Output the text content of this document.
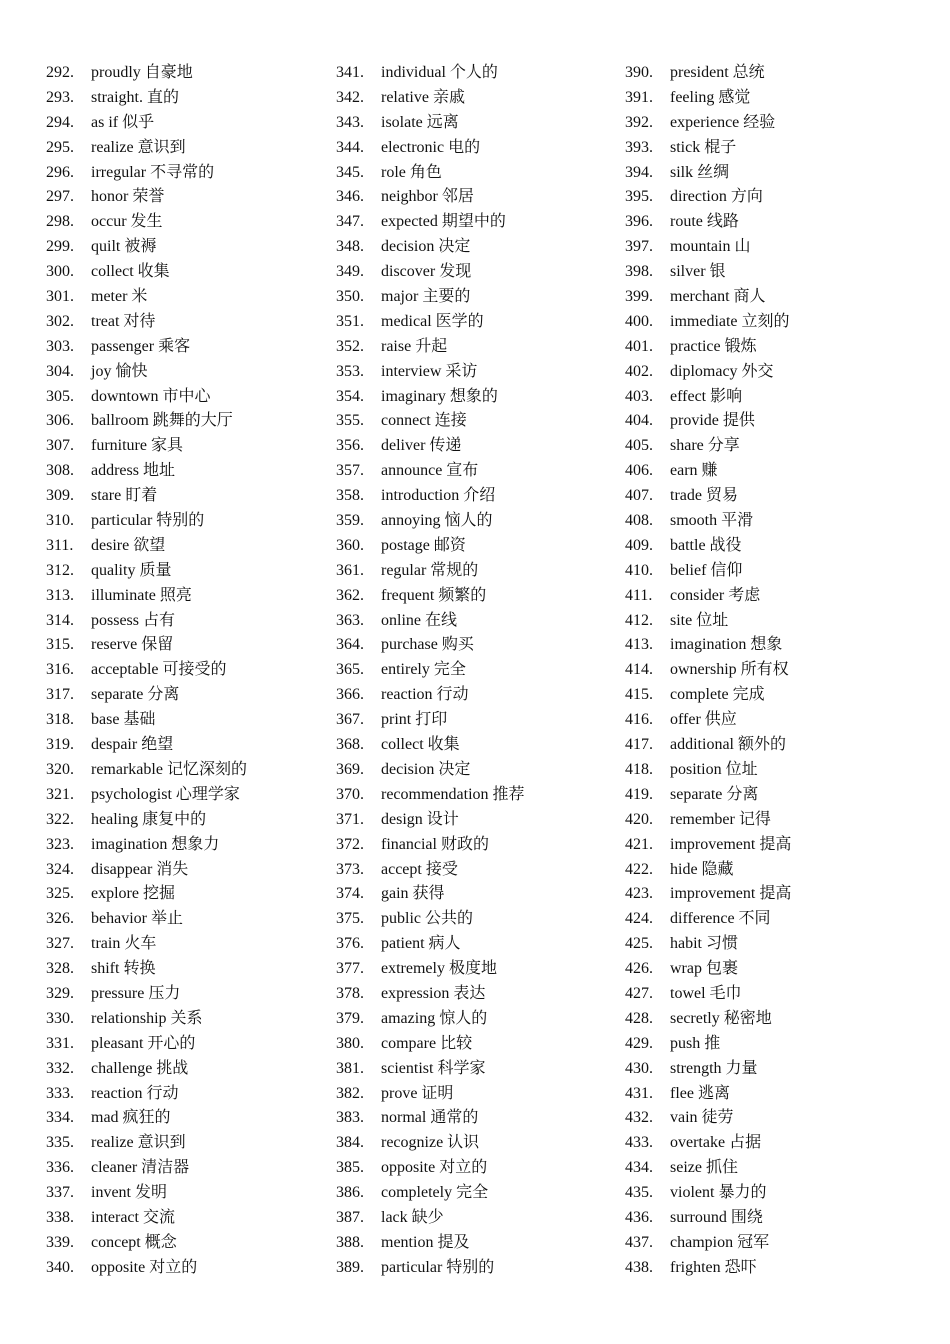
292.	proudly 自豪地
293.	straight. 直的
294.	as if 似乎
295.	realize 意识到
296.	irregular 不寻常的
297.	honor 荣誉
298.	occur 发生
299.	quilt 被褥
300.	collect 收集
301.	meter 米
302.	treat 对待
303.	passenger 乘客
304.	joy 愉快
305.	downtown 市中心
306.	ballroom 跳舞的大厅
307.	furniture 家具
308.	address 地址
309.	stare 盯着
310.	particular 特别的
311.	desire 欲望
312.	quality 质量
313.	illuminate 照亮
314.	possess 占有
315.	reserve 保留
316.	acceptable 可接受的
317.	separate 分离
318.	base 基础
319.	despair 绝望
320.	remarkable 记忆深刻的
321.	psychologist 心理学家
322.	healing 康复中的
323.	imagination 想象力
324.	disappear 消失
325.	explore 挖掘
326.	behavior 举止
327.	train 火车
328.	shift 转换
329.	pressure 压力
330.	relationship 关系
331.	pleasant 开心的
332.	challenge 挑战
333.	reaction 行动
334.	mad 疯狂的
335.	realize 意识到
336.	cleaner 清洁器
337.	invent 发明
338.	interact 交流
339.	concept 概念
340.	opposite 对立的
341.	individual 个人的
342.	relative 亲戚
343.	isolate 远离
344.	electronic 电的
345.	role 角色
346.	neighbor 邻居
347.	expected 期望中的
348.	decision 决定
349.	discover 发现
350.	major 主要的
351.	medical 医学的
352.	raise 升起
353.	interview 采访
354.	imaginary 想象的
355.	connect 连接
356.	deliver 传递
357.	announce 宣布
358.	introduction 介绍
359.	annoying 恼人的
360.	postage 邮资
361.	regular 常规的
362.	frequent 频繁的
363.	online 在线
364.	purchase 购买
365.	entirely 完全
366.	reaction 行动
367.	print 打印
368.	collect 收集
369.	decision 决定
370.	recommendation 推荐
371.	design 设计
372.	financial 财政的
373.	accept 接受
374.	gain 获得
375.	public 公共的
376.	patient 病人
377.	extremely 极度地
378.	expression 表达
379.	amazing 惊人的
380.	compare 比较
381.	scientist 科学家
382.	prove 证明
383.	normal 通常的
384.	recognize 认识
385.	opposite 对立的
386.	completely 完全
387.	lack 缺少
388.	mention 提及
389.	particular 特别的
390.	president 总统
391.	feeling 感觉
392.	experience 经验
393.	stick 棍子
394.	silk 丝绸
395.	direction 方向
396.	route 线路
397.	mountain 山
398.	silver 银
399.	merchant 商人
400.	immediate 立刻的
401.	practice 锻炼
402.	diplomacy 外交
403.	effect 影响
404.	provide 提供
405.	share 分享
406.	earn 赚
407.	trade 贸易
408.	smooth 平滑
409.	battle 战役
410.	belief 信仰
411.	consider 考虑
412.	site 位址
413.	imagination 想象
414.	ownership 所有权
415.	complete 完成
416.	offer 供应
417.	additional 额外的
418.	position 位址
419.	separate 分离
420.	remember 记得
421.	improvement 提高
422.	hide 隐藏
423.	improvement 提高
424.	difference 不同
425.	habit 习惯
426.	wrap 包裹
427.	towel 毛巾
428.	secretly 秘密地
429.	push 推
430.	strength 力量
431.	flee 逃离
432.	vain 徒劳
433.	overtake 占据
434.	seize 抓住
435.	violent 暴力的
436.	surround 围绕
437.	champion 冠军
438.	frighten 恐吓
